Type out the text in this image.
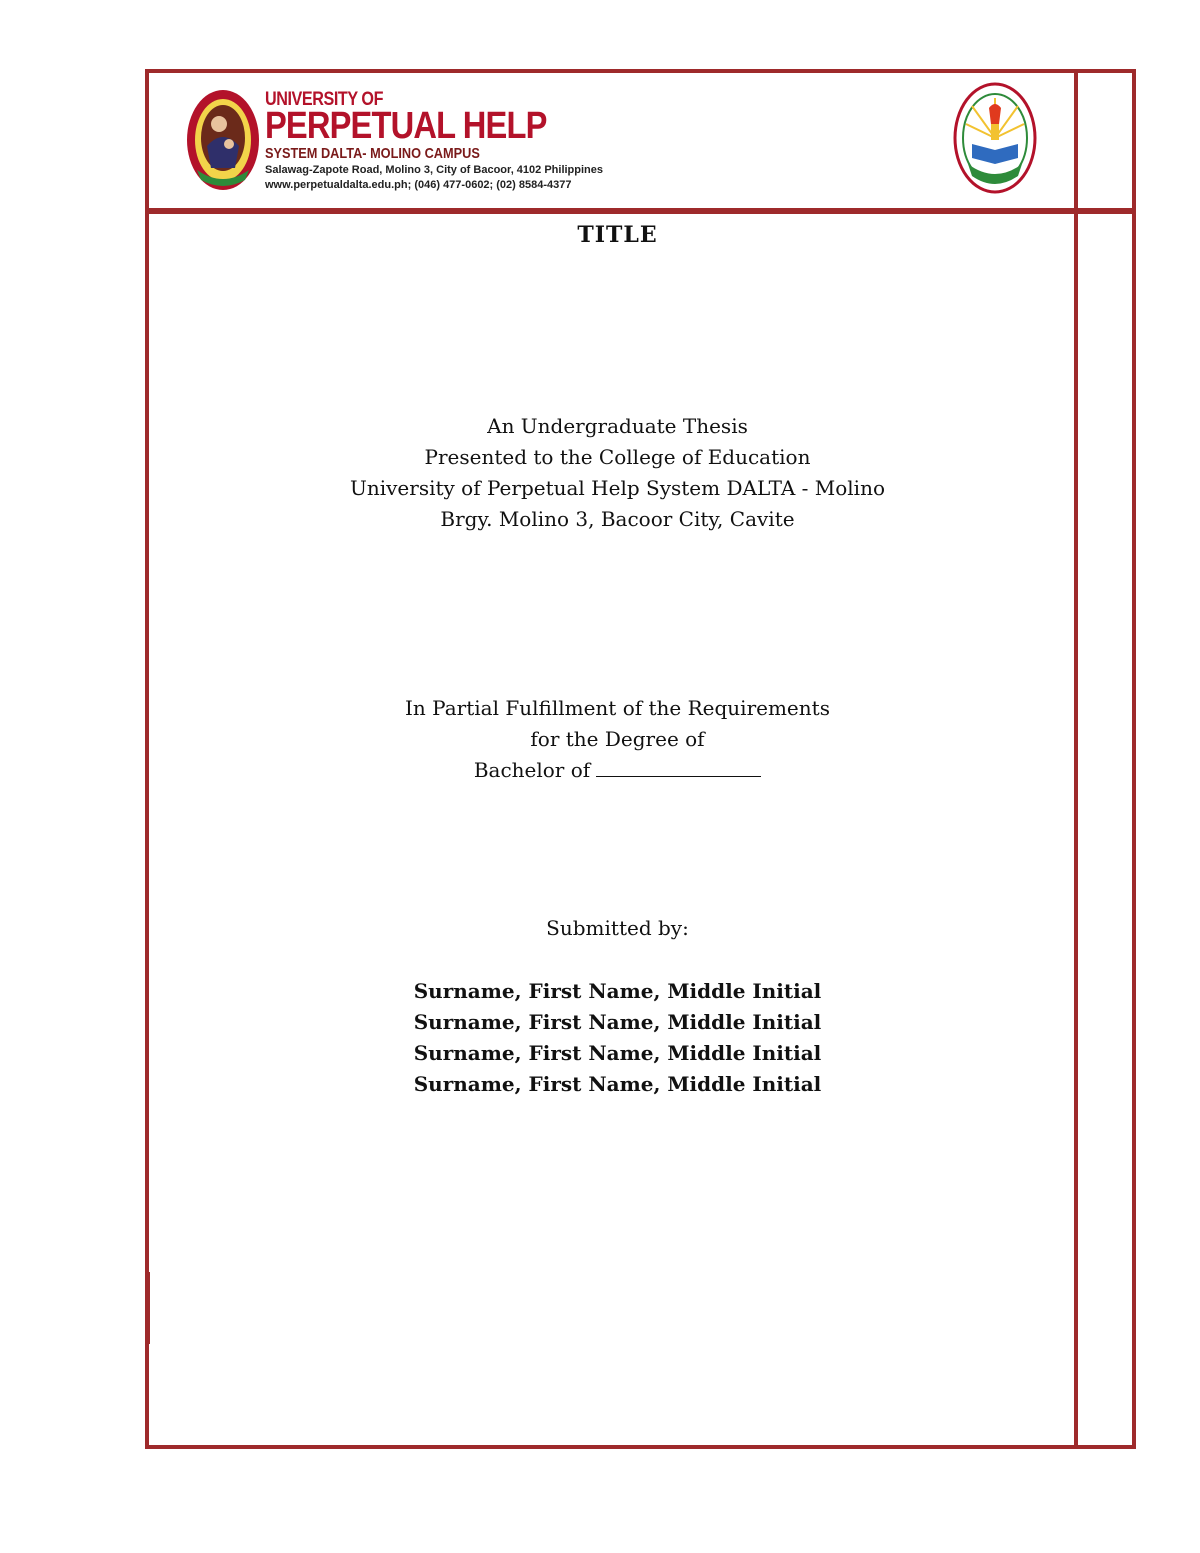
UNIVERSITY OF
PERPETUAL HELP
SYSTEM DALTA- MOLINO CAMPUS
Salawag-Zapote Road, Molino 3, City of Bacoor, 4102 Philippines
www.perpetualdalta.edu.ph; (046) 477-0602; (02) 8584-4377
TITLE
An Undergraduate Thesis
Presented to the College of Education
University of Perpetual Help System DALTA - Molino
Brgy. Molino 3, Bacoor City, Cavite
In Partial Fulfillment of the Requirements
for the Degree of
Bachelor of
Submitted by:
Surname, First Name, Middle Initial
Surname, First Name, Middle Initial
Surname, First Name, Middle Initial
Surname, First Name, Middle Initial
